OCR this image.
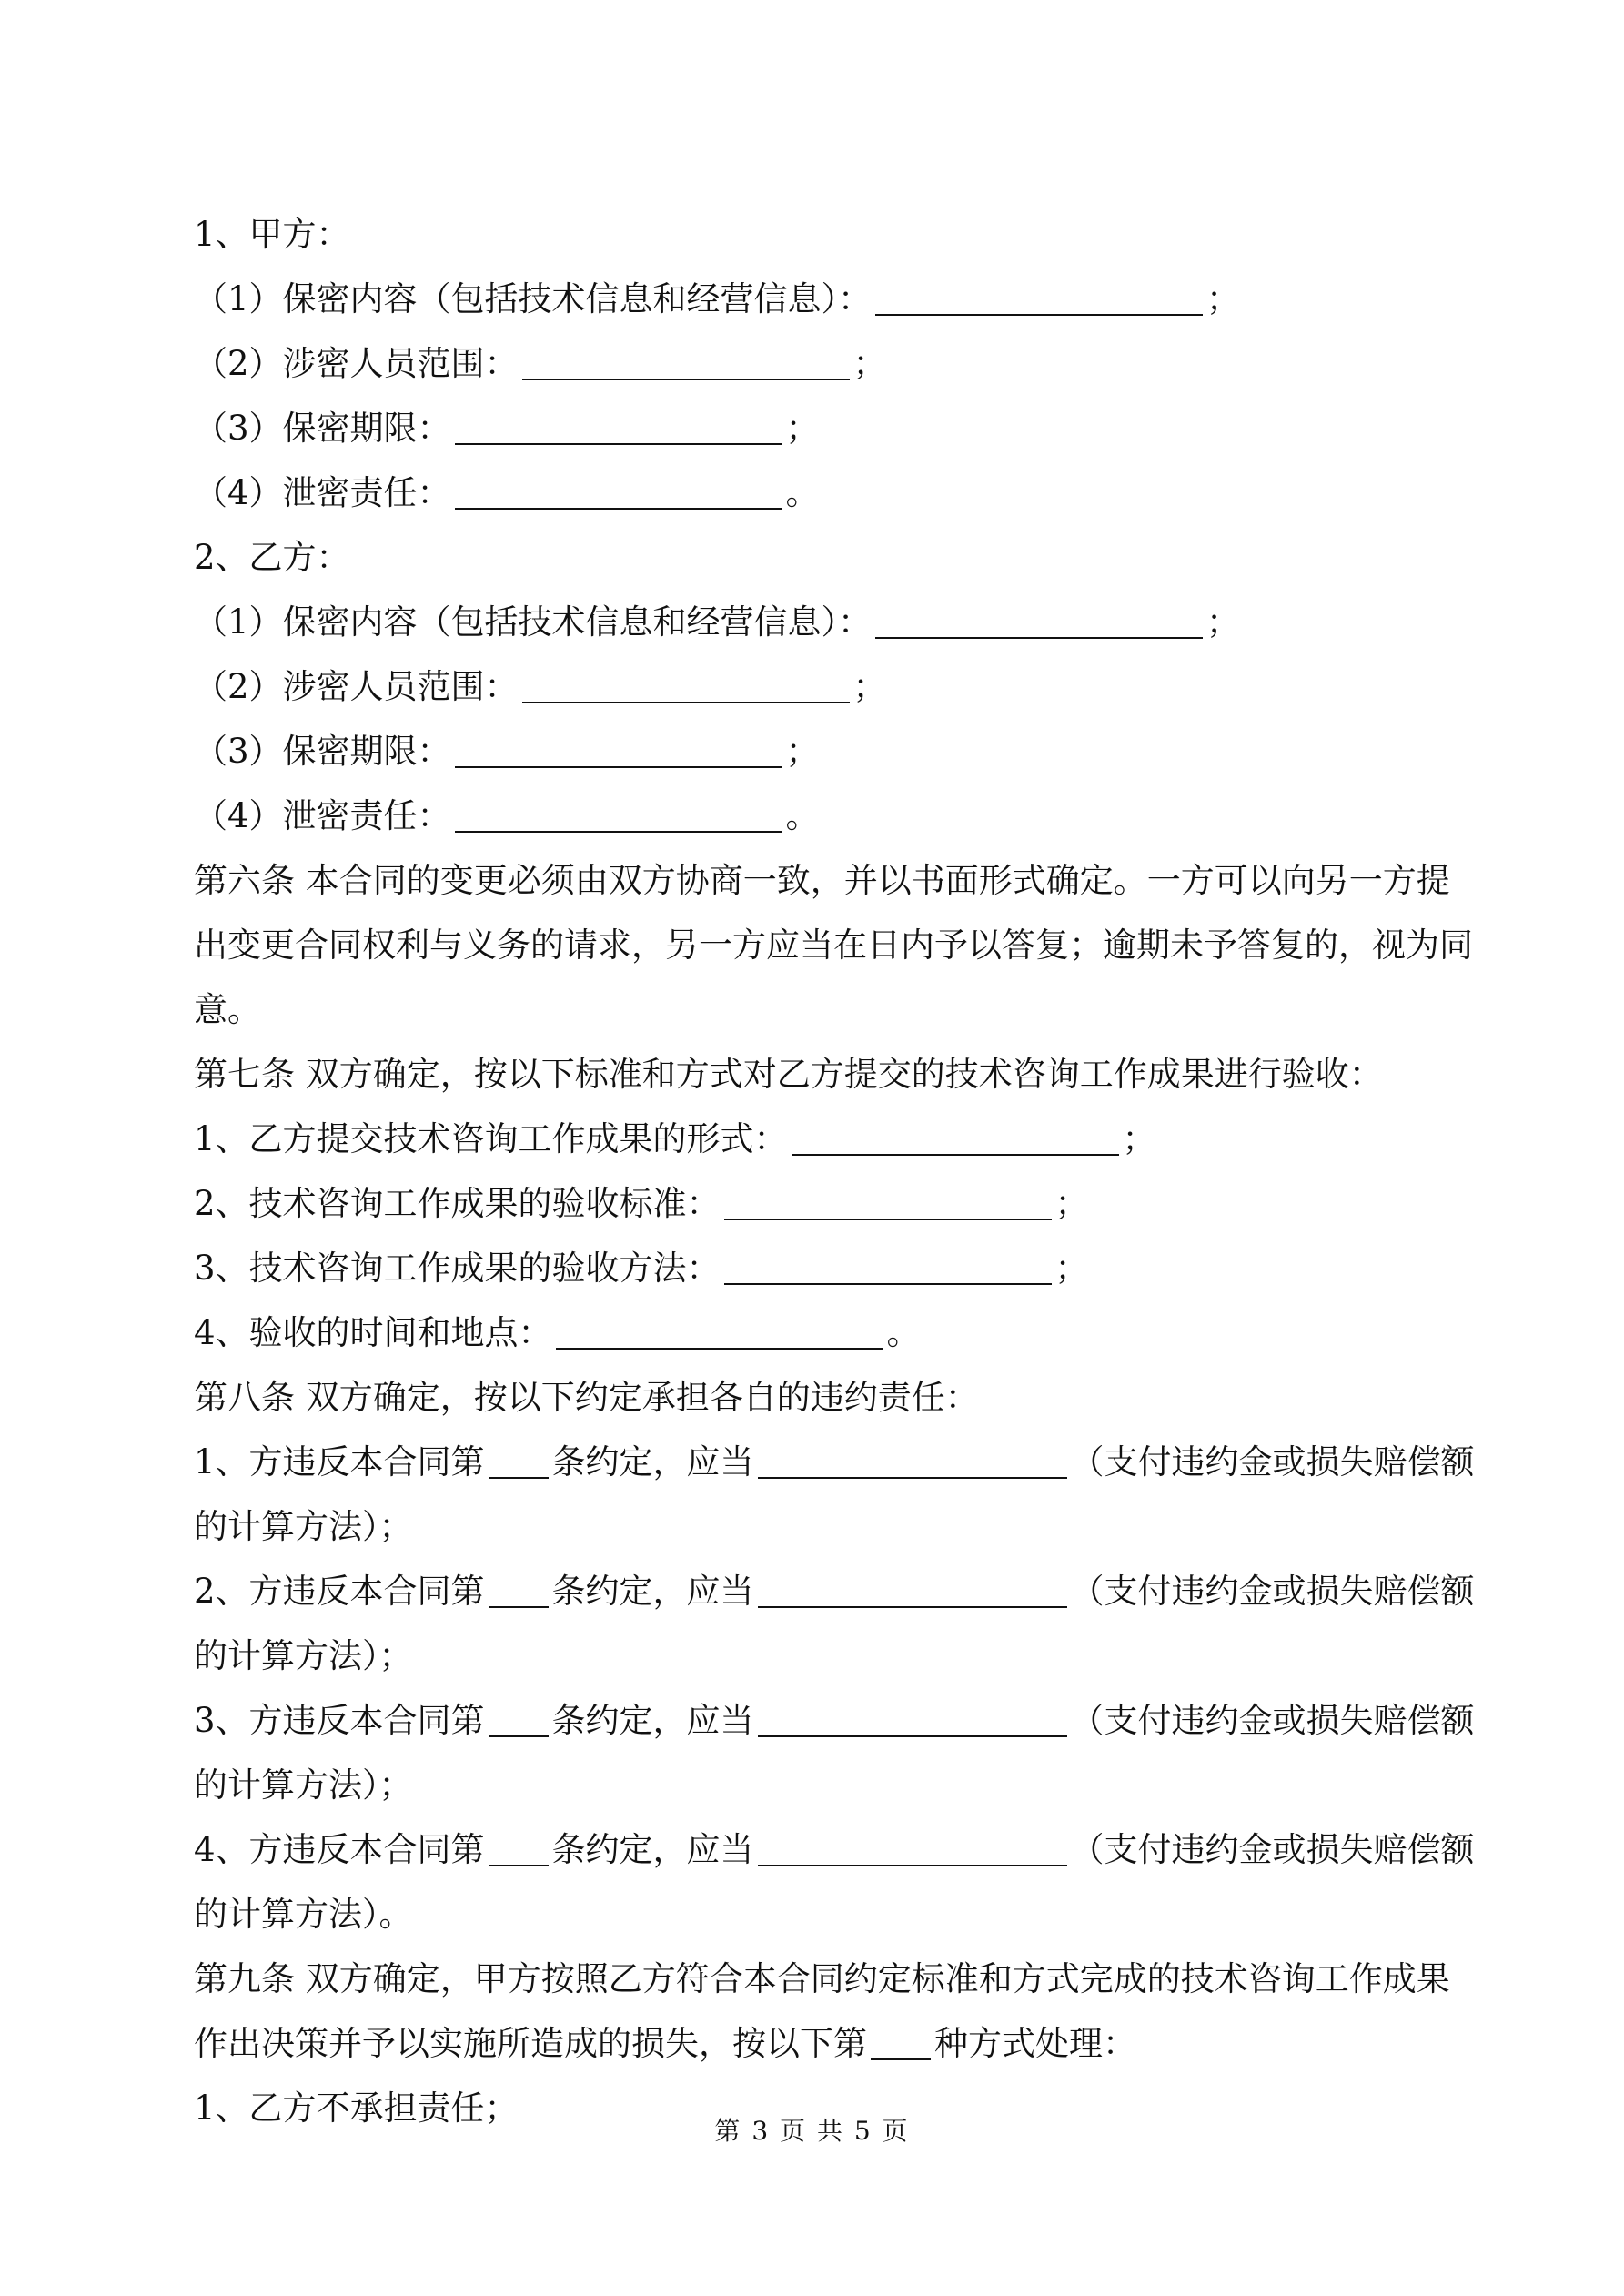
1、甲方：
（1）保密内容（包括技术信息和经营信息）：	；
（2）涉密人员范围：	；
（3）保密期限：	；
（4）泄密责任：	。
2、乙方：
（1）保密内容（包括技术信息和经营信息）：	；
（2）涉密人员范围：	；
（3）保密期限：	；
（4）泄密责任：	。
第六条 本合同的变更必须由双方协商一致，并以书面形式确定。一方可以向另一方提
出变更合同权利与义务的请求，另一方应当在日内予以答复；逾期未予答复的，视为同
意。
第七条 双方确定，按以下标准和方式对乙方提交的技术咨询工作成果进行验收：
1、乙方提交技术咨询工作成果的形式：	；
2、技术咨询工作成果的验收标准：	；
3、技术咨询工作成果的验收方法：	；
4、验收的时间和地点：	。
第八条 双方确定，按以下约定承担各自的违约责任：
1、方违反本合同第 条约定，应当	（支付违约金或损失赔偿额
的计算方法）；
2、方违反本合同第 条约定，应当	（支付违约金或损失赔偿额
的计算方法）；
3、方违反本合同第 条约定，应当	（支付违约金或损失赔偿额
的计算方法）；
4、方违反本合同第 条约定，应当	（支付违约金或损失赔偿额
的计算方法）。
第九条 双方确定，甲方按照乙方符合本合同约定标准和方式完成的技术咨询工作成果
作出决策并予以实施所造成的损失，按以下第 种方式处理：
1、乙方不承担责任；
第 3 页 共 5 页
